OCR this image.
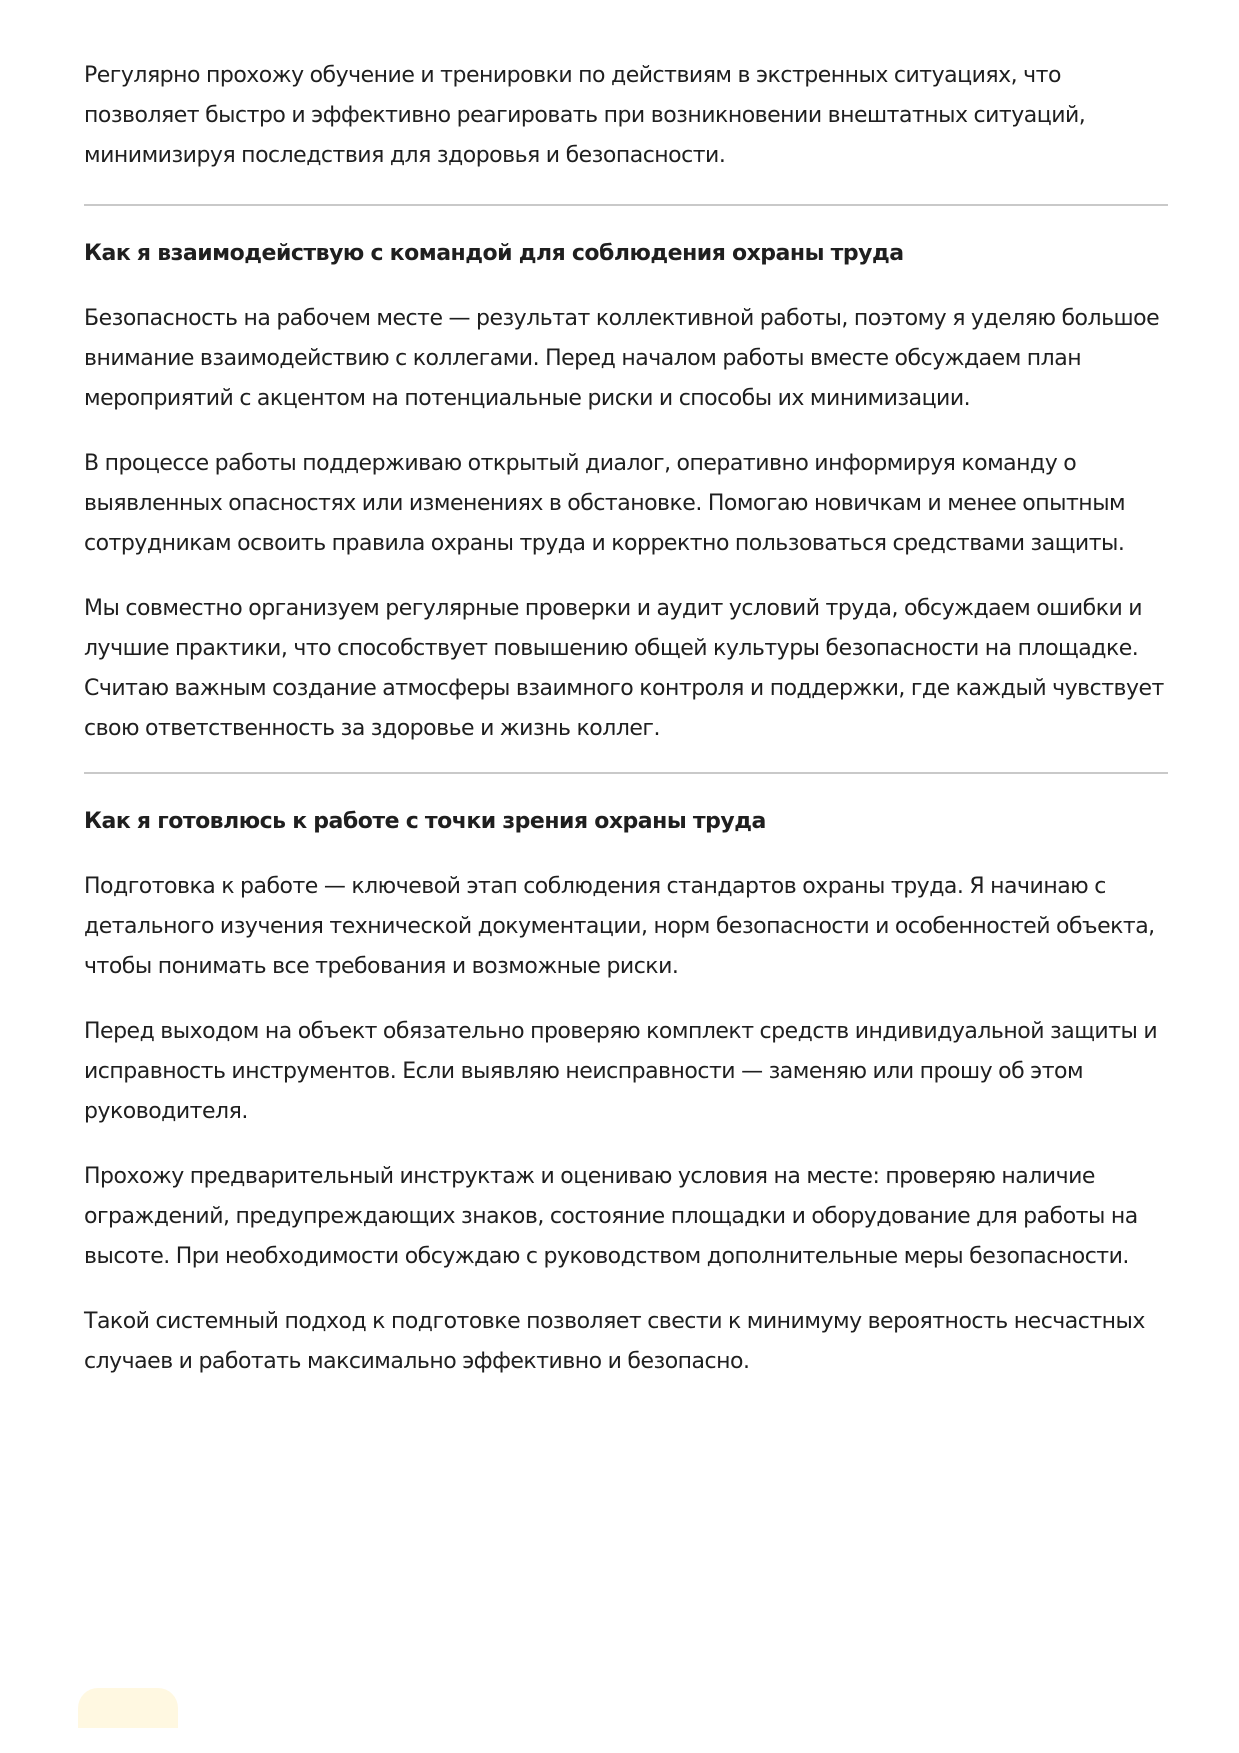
Регулярно прохожу обучение и тренировки по действиям в экстренных ситуациях, что позволяет быстро и эффективно реагировать при возникновении внештатных ситуаций, минимизируя последствия для здоровья и безопасности.

Как я взаимодействую с командой для соблюдения охраны труда

Безопасность на рабочем месте — результат коллективной работы, поэтому я уделяю большое внимание взаимодействию с коллегами. Перед началом работы вместе обсуждаем план мероприятий с акцентом на потенциальные риски и способы их минимизации.

В процессе работы поддерживаю открытый диалог, оперативно информируя команду о выявленных опасностях или изменениях в обстановке. Помогаю новичкам и менее опытным сотрудникам освоить правила охраны труда и корректно пользоваться средствами защиты.

Мы совместно организуем регулярные проверки и аудит условий труда, обсуждаем ошибки и лучшие практики, что способствует повышению общей культуры безопасности на площадке. Считаю важным создание атмосферы взаимного контроля и поддержки, где каждый чувствует свою ответственность за здоровье и жизнь коллег.

Как я готовлюсь к работе с точки зрения охраны труда

Подготовка к работе — ключевой этап соблюдения стандартов охраны труда. Я начинаю с детального изучения технической документации, норм безопасности и особенностей объекта, чтобы понимать все требования и возможные риски.

Перед выходом на объект обязательно проверяю комплект средств индивидуальной защиты и исправность инструментов. Если выявляю неисправности — заменяю или прошу об этом руководителя.

Прохожу предварительный инструктаж и оцениваю условия на месте: проверяю наличие ограждений, предупреждающих знаков, состояние площадки и оборудование для работы на высоте. При необходимости обсуждаю с руководством дополнительные меры безопасности.

Такой системный подход к подготовке позволяет свести к минимуму вероятность несчастных случаев и работать максимально эффективно и безопасно.
